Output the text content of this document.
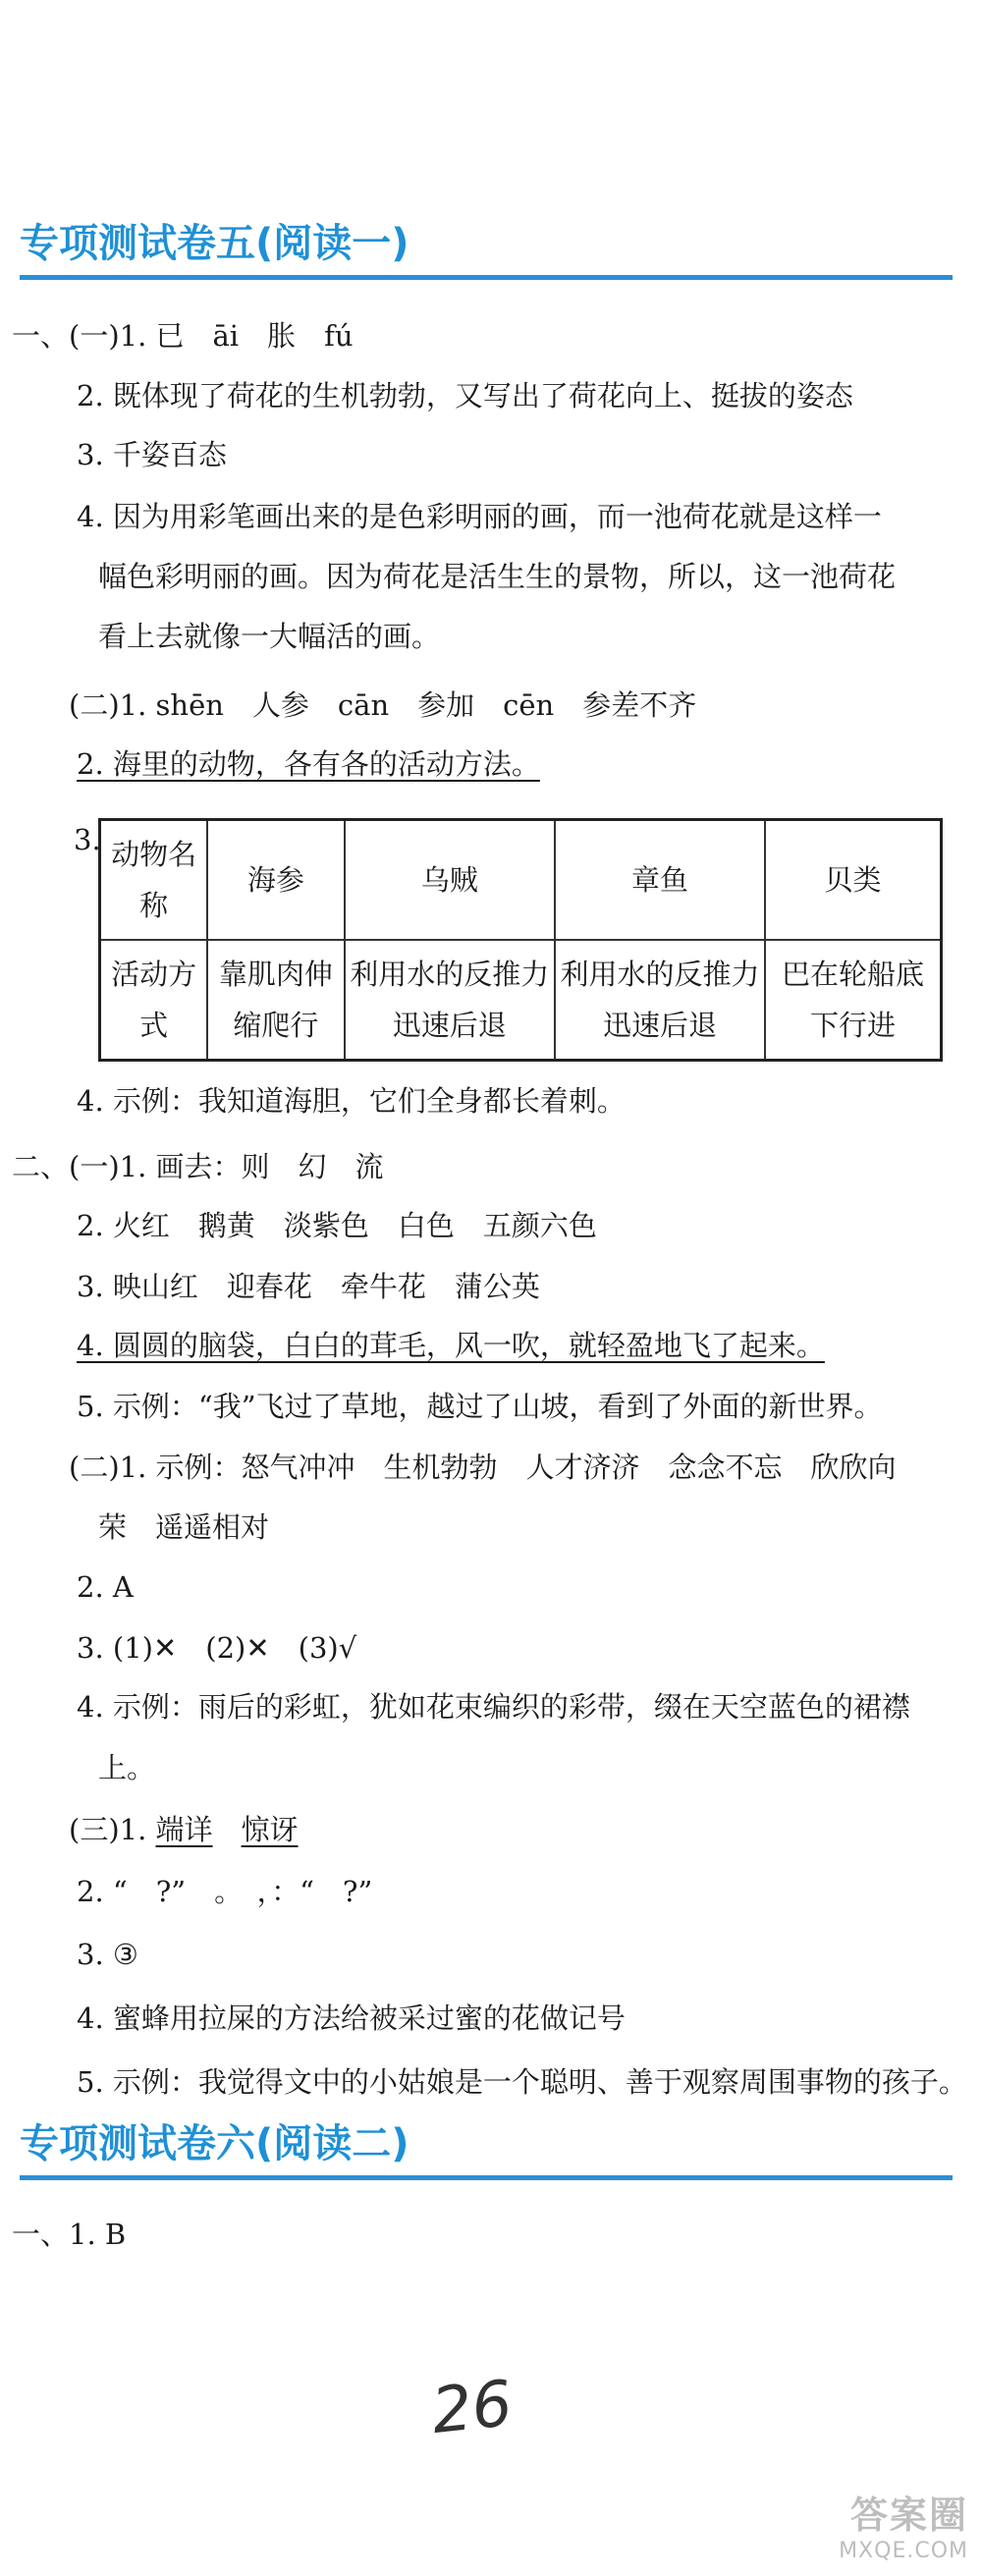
专项测试卷五(阅读一)
一、(一)1. 已　āi　胀　fú
2. 既体现了荷花的生机勃勃，又写出了荷花向上、挺拔的姿态
3. 千姿百态
4. 因为用彩笔画出来的是色彩明丽的画，而一池荷花就是这样一
幅色彩明丽的画。因为荷花是活生生的景物，所以，这一池荷花
看上去就像一大幅活的画。
(二)1. shēn　人参　cān　参加　cēn　参差不齐
2. 海里的动物，各有各的活动方法。
3. 动物名称	海参	乌贼	章鱼	贝类
活动方式	靠肌肉伸缩爬行	利用水的反推力迅速后退	利用水的反推力迅速后退	巴在轮船底下行进
4. 示例：我知道海胆，它们全身都长着刺。
二、(一)1. 画去：则　幻　流
2. 火红　鹅黄　淡紫色　白色　五颜六色
3. 映山红　迎春花　牵牛花　蒲公英
4. 圆圆的脑袋，白白的茸毛，风一吹，就轻盈地飞了起来。
5. 示例：“我”飞过了草地，越过了山坡，看到了外面的新世界。
(二)1. 示例：怒气冲冲　生机勃勃　人才济济　念念不忘　欣欣向
荣　遥遥相对
2. A
3. (1)✕　(2)✕　(3)√
4. 示例：雨后的彩虹，犹如花束编织的彩带，缀在天空蓝色的裙襟
上。
(三)1. 端详　 惊讶
2. “　?”　。　，：“　?”
3. ③
4. 蜜蜂用拉屎的方法给被采过蜜的花做记号
5. 示例：我觉得文中的小姑娘是一个聪明、善于观察周围事物的孩子。
专项测试卷六(阅读二)
一、1. B
26
答案圈
MXQE.COM
